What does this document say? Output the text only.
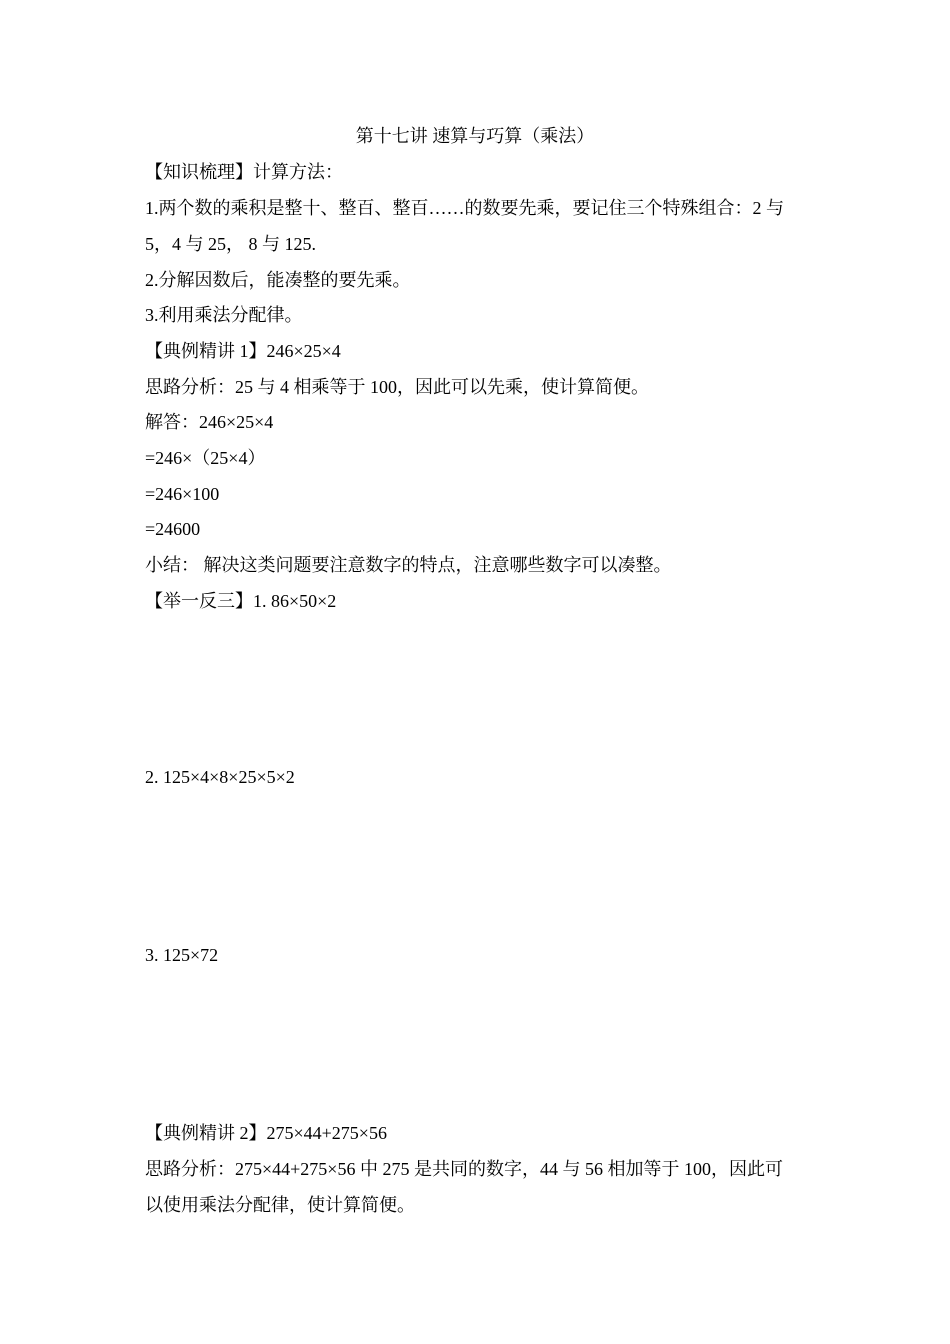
第十七讲 速算与巧算（乘法）
【知识梳理】计算方法：
1.两个数的乘积是整十、整百、整百……的数要先乘，要记住三个特殊组合：2 与
5，4 与 25， 8 与 125.
2.分解因数后，能凑整的要先乘。
3.利用乘法分配律。
【典例精讲 1】246×25×4
思路分析：25 与 4 相乘等于 100，因此可以先乘，使计算简便。
解答：246×25×4
=246×（25×4）
=246×100
=24600
小结： 解决这类问题要注意数字的特点，注意哪些数字可以凑整。
【举一反三】1. 86×50×2
2. 125×4×8×25×5×2
3. 125×72
【典例精讲 2】275×44+275×56
思路分析：275×44+275×56 中 275 是共同的数字，44 与 56 相加等于 100，因此可
以使用乘法分配律，使计算简便。
